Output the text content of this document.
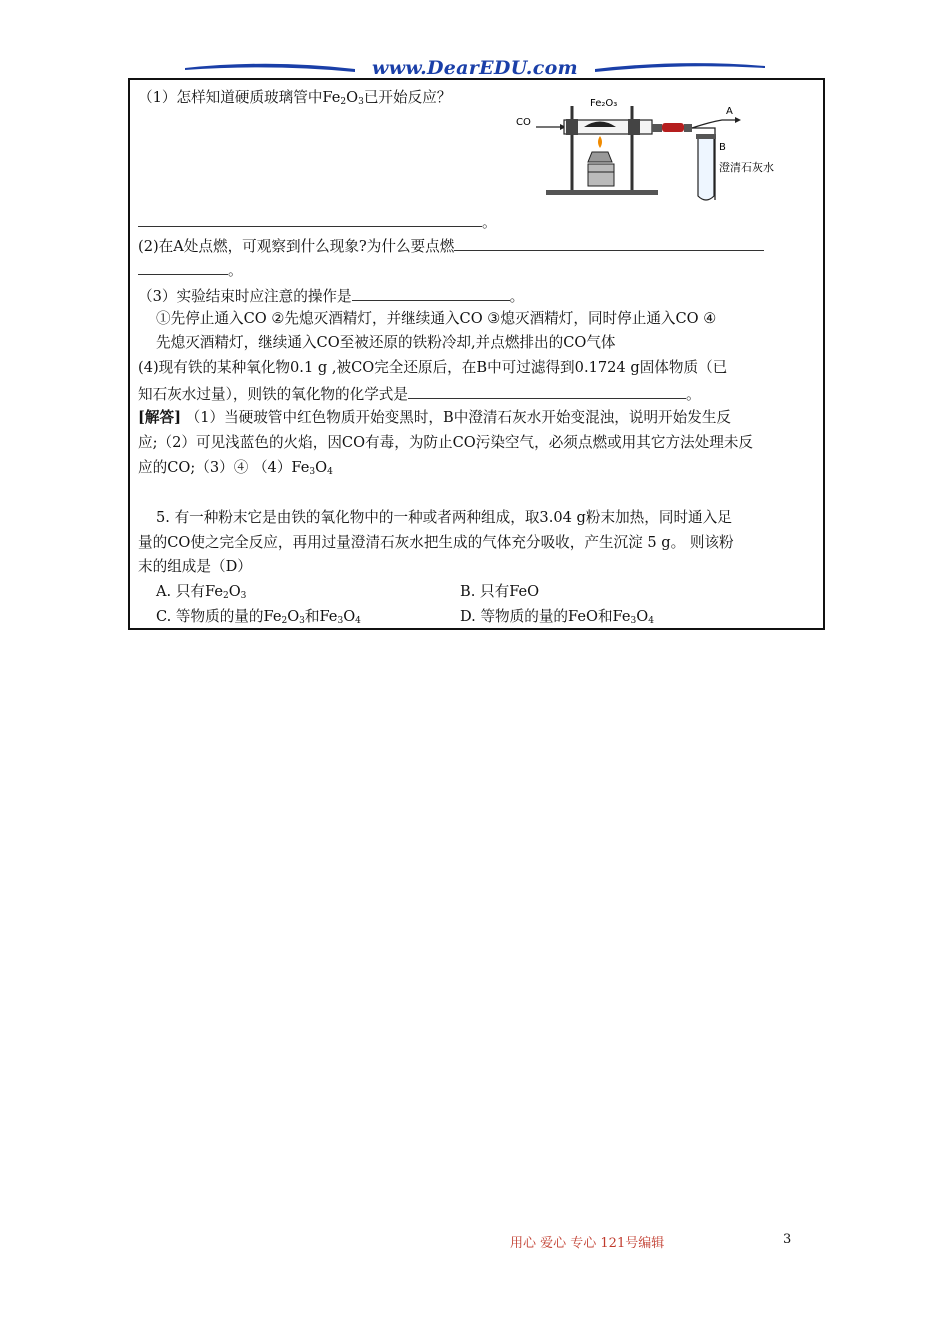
www.DearEDU.com
（1）怎样知道硬质玻璃管中$Fe_2O_3$已开始反应？	Fe₂O₃
CO
A
B
澄清石灰水
。
(2)在A处点燃，可观察到什么现象?为什么要点燃
。
（3）实验结束时应注意的操作是	。
①先停止通入CO ②先熄灭酒精灯，并继续通入CO ③熄灭酒精灯，同时停止通入CO ④
先熄灭酒精灯，继续通入CO至被还原的铁粉冷却,并点燃排出的CO气体
(4)现有铁的某种氧化物0.1 g ,被CO完全还原后，在B中可过滤得到0.1724 g固体物质（已
知石灰水过量），则铁的氧化物的化学式是	。
[解答] （1）当硬玻管中红色物质开始变黑时，B中澄清石灰水开始变混浊，说明开始发生反
应;（2）可见浅蓝色的火焰，因CO有毒，为防止CO污染空气，必须点燃或用其它方法处理未反
应的CO;（3）④ $(4)Fe_3O_4$
5. 有一种粉末它是由铁的氧化物中的一种或者两种组成，取3.04 g粉末加热，同时通入足
量的CO使之完全反应，再用过量澄清石灰水把生成的气体充分吸收，产生沉淀 5 g。 则该粉
末的组成是（D）
A. 只有$Fe_2O_3$	B. 只有FeO
C. 等物质的量的$Fe_2O_3$和$Fe_3O_4$	D. 等物质的量的FeO和$Fe_3O_4$
用心 爱心 专心 121号编辑	3
